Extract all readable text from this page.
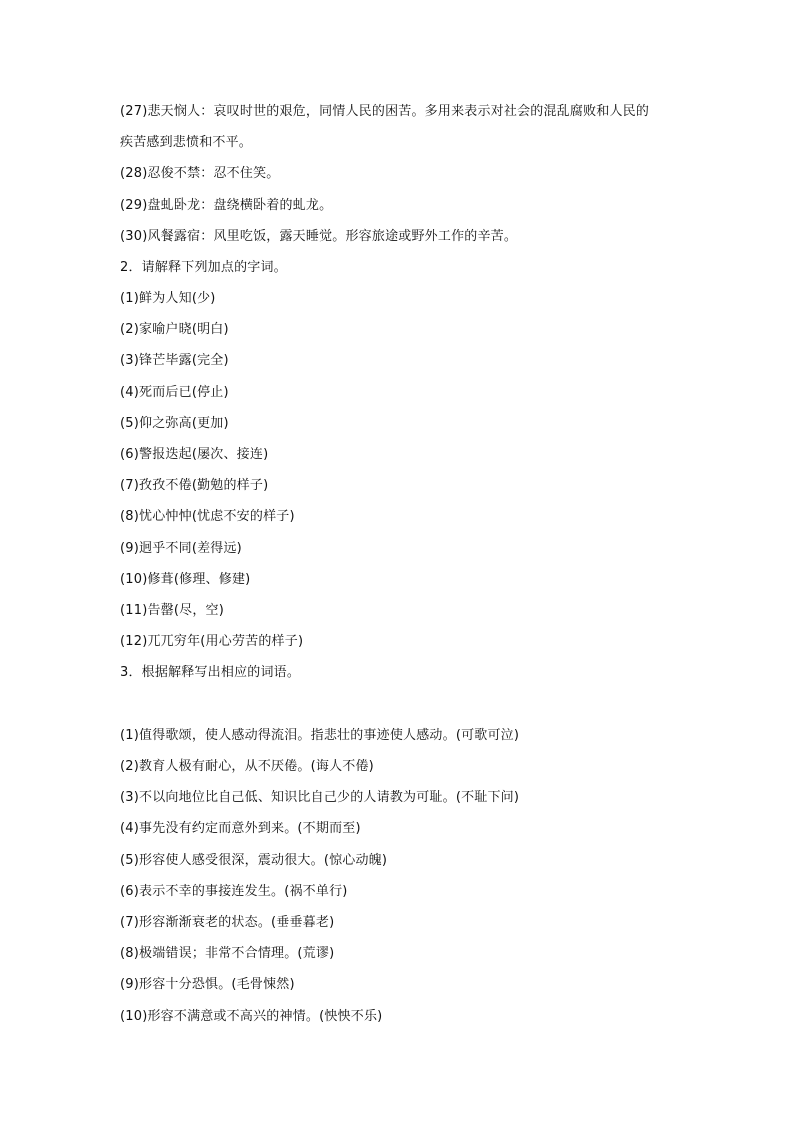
(27)悲天悯人：哀叹时世的艰危，同情人民的困苦。多用来表示对社会的混乱腐败和人民的
疾苦感到悲愤和不平。
(28)忍俊不禁：忍不住笑。
(29)盘虬卧龙：盘绕横卧着的虬龙。
(30)风餐露宿：风里吃饭，露天睡觉。形容旅途或野外工作的辛苦。
2．请解释下列加点的字词。
(1)鲜为人知(少)
(2)家喻户晓(明白)
(3)锋芒毕露(完全)
(4)死而后已(停止)
(5)仰之弥高(更加)
(6)警报迭起(屡次、接连)
(7)孜孜不倦(勤勉的样子)
(8)忧心忡忡(忧虑不安的样子)
(9)迥乎不同(差得远)
(10)修葺(修理、修建)
(11)告罄(尽，空)
(12)兀兀穷年(用心劳苦的样子)
3．根据解释写出相应的词语。
(1)值得歌颂，使人感动得流泪。指悲壮的事迹使人感动。(可歌可泣)
(2)教育人极有耐心，从不厌倦。(诲人不倦)
(3)不以向地位比自己低、知识比自己少的人请教为可耻。(不耻下问)
(4)事先没有约定而意外到来。(不期而至)
(5)形容使人感受很深，震动很大。(惊心动魄)
(6)表示不幸的事接连发生。(祸不单行)
(7)形容渐渐衰老的状态。(垂垂暮老)
(8)极端错误；非常不合情理。(荒谬)
(9)形容十分恐惧。(毛骨悚然)
(10)形容不满意或不高兴的神情。(怏怏不乐)
